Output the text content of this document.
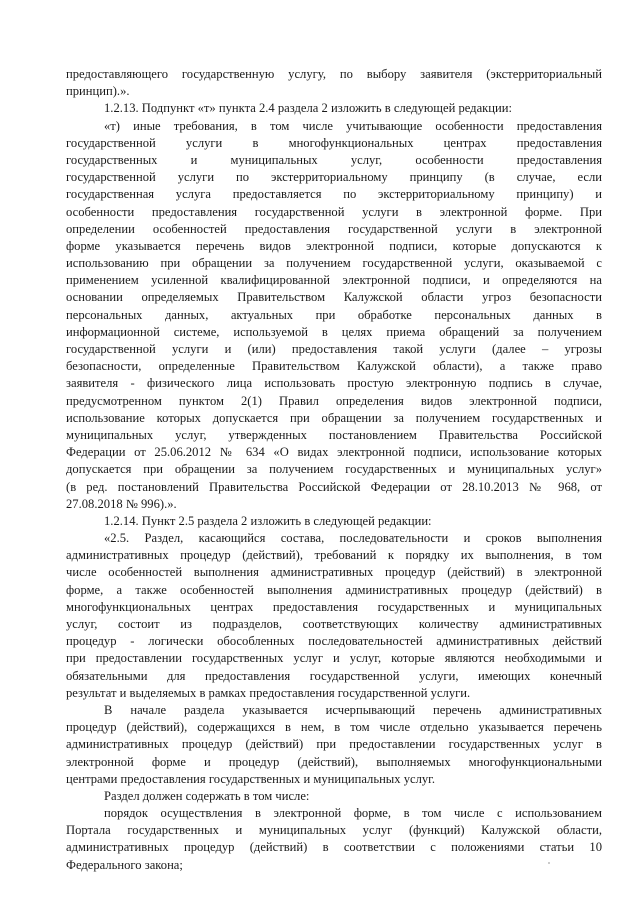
предоставляющего государственную услугу, по выбору заявителя (экстерриториальный
принцип).».
1.2.13. Подпункт «т» пункта 2.4 раздела 2 изложить в следующей редакции:
«т) иные требования, в том числе учитывающие особенности предоставления
государственной услуги в многофункциональных центрах предоставления
государственных и муниципальных услуг, особенности предоставления
государственной услуги по экстерриториальному принципу (в случае, если
государственная услуга предоставляется по экстерриториальному принципу) и
особенности предоставления государственной услуги в электронной форме. При
определении особенностей предоставления государственной услуги в электронной
форме указывается перечень видов электронной подписи, которые допускаются к
использованию при обращении за получением государственной услуги, оказываемой с
применением усиленной квалифицированной электронной подписи, и определяются на
основании определяемых Правительством Калужской области угроз безопасности
персональных данных, актуальных при обработке персональных данных в
информационной системе, используемой в целях приема обращений за получением
государственной услуги и (или) предоставления такой услуги (далее – угрозы
безопасности, определенные Правительством Калужской области), а также право
заявителя - физического лица использовать простую электронную подпись в случае,
предусмотренном пунктом 2(1) Правил определения видов электронной подписи,
использование которых допускается при обращении за получением государственных и
муниципальных услуг, утвержденных постановлением Правительства Российской
Федерации от 25.06.2012 № 634 «О видах электронной подписи, использование которых
допускается при обращении за получением государственных и муниципальных услуг»
(в ред. постановлений Правительства Российской Федерации от 28.10.2013 № 968, от
27.08.2018 № 996).».
1.2.14. Пункт 2.5 раздела 2 изложить в следующей редакции:
«2.5. Раздел, касающийся состава, последовательности и сроков выполнения
административных процедур (действий), требований к порядку их выполнения, в том
числе особенностей выполнения административных процедур (действий) в электронной
форме, а также особенностей выполнения административных процедур (действий) в
многофункциональных центрах предоставления государственных и муниципальных
услуг, состоит из подразделов, соответствующих количеству административных
процедур - логически обособленных последовательностей административных действий
при предоставлении государственных услуг и услуг, которые являются необходимыми и
обязательными для предоставления государственной услуги, имеющих конечный
результат и выделяемых в рамках предоставления государственной услуги.
В начале раздела указывается исчерпывающий перечень административных
процедур (действий), содержащихся в нем, в том числе отдельно указывается перечень
административных процедур (действий) при предоставлении государственных услуг в
электронной форме и процедур (действий), выполняемых многофункциональными
центрами предоставления государственных и муниципальных услуг.
Раздел должен содержать в том числе:
порядок осуществления в электронной форме, в том числе с использованием
Портала государственных и муниципальных услуг (функций) Калужской области,
административных процедур (действий) в соответствии с положениями статьи 10
Федерального закона;
